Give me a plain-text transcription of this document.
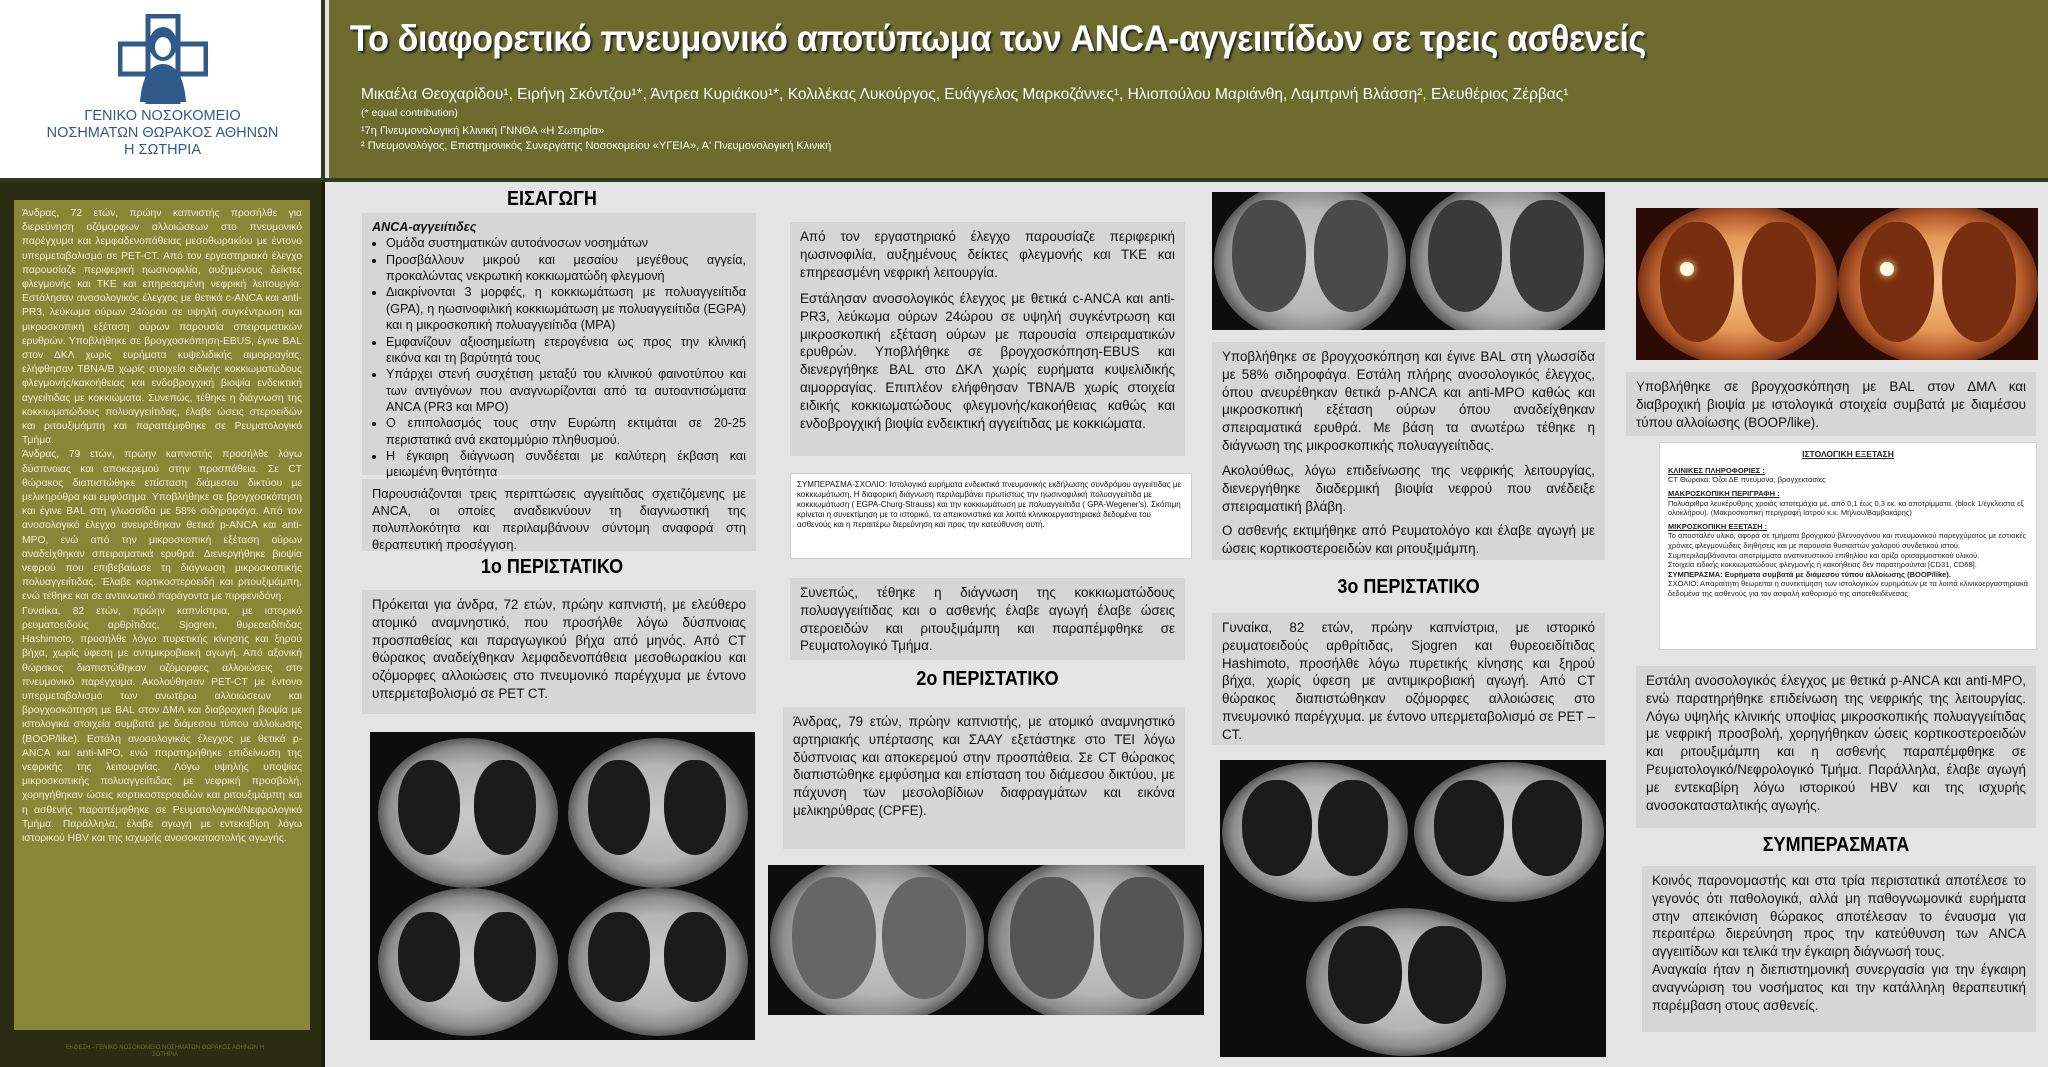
ΓΕΝΙΚΟ ΝΟΣΟΚΟΜΕΙΟ
ΝΟΣΗΜΑΤΩΝ ΘΩΡΑΚΟΣ ΑΘΗΝΩΝ
Η ΣΩΤΗΡΙΑ
Το διαφορετικό πνευμονικό αποτύπωμα των ANCA-αγγειιτίδων σε τρεις ασθενείς
Μικαέλα Θεοχαρίδου¹, Ειρήνη Σκόντζου¹*, Άντρεα Κυριάκου¹*, Κολιλέκας Λυκούργος, Ευάγγελος Μαρκοζάννες¹, Ηλιοπούλου Μαριάνθη, Λαμπρινή Βλάσση², Ελευθέριος Ζέρβας¹
(* equal contribution)
¹7η Πνευμονολογική Κλινική ΓΝΝΘΑ «Η Σωτηρία»
² Πνευμονολόγος, Επιστημονικός Συνεργάτης Νοσοκομείου «ΥΓΕΙΑ», Α' Πνευμονολογική Κλινική
Άνδρας, 72 ετών, πρώην καπνιστής προσήλθε για διερεύνηση οζόμορφων αλλοιώσεων στο πνευμονικό παρέγχυμα και λεμφαδενοπάθειας μεσοθωρακίου με έντονο υπερμεταβολισμό σε PET-CT. Από τον εργαστηριακό έλεγχο παρουσίαζε περιφερική ηωσινοφιλία, αυξημένους δείκτες φλεγμονής και ΤΚΕ και επηρεασμένη νεφρική λειτουργία. Εστάλησαν ανοσολογικός έλεγχος με θετικά c-ANCA και anti-PR3, λεύκωμα ούρων 24ώρου σε υψηλή συγκέντρωση και μικροσκοπική εξέταση ούρων παρουσία σπειραματικών ερυθρών. Υποβλήθηκε σε βρογχοσκόπηση-EBUS, έγινε BAL στον ΔΚΛ χωρίς ευρήματα κυψελιδικής αιμορραγίας, ελήφθησαν TBNA/B χωρίς στοιχεία ειδικής κοκκιωματώδους φλεγμονής/κακοήθειας και ενδοβρογχική βιοψία ενδεικτική αγγειίτιδας με κοκκιώματα. Συνεπώς, τέθηκε η διάγνωση της κοκκιωματώδους πολυαγγειίτιδας, έλαβε ώσεις στεροειδών και ριτουξιμάμπη και παραπέμφθηκε σε Ρευματολογικό Τμήμα.
Άνδρας, 79 ετών, πρώην καπνιστής προσήλθε λόγω δύσπνοιας και αποκερεμού στην προσπάθεια. Σε CT θώρακος διαπιστώθηκε επίσταση διάμεσου δικτύου με μελικηρύθρα και εμφύσημα. Υποβλήθηκε σε βρογχοσκόπηση και έγινε BAL στη γλωσσίδα με 58% σιδηροφάγα. Από τον ανοσολογικό έλεγχο ανευρέθηκαν θετικά p-ANCA και anti-MPO, ενώ από την μικροσκοπική εξέταση ούρων αναδείχθηκαν σπειραματικά ερυθρά. Διενεργήθηκε βιοψία νεφρού που επιβεβαίωσε τη διάγνωση μικροσκοπικής πολυαγγειίτιδας. Έλαβε κορτικοστεροειδή και ριτουξιμάμπη, ενώ τέθηκε και σε αντιινωτικό παράγοντα με πιρφενιδόνη.
Γυναίκα, 82 ετών, πρώην καπνίστρια, με ιστορικό ρευματοειδούς αρθρίτιδας, Sjogren, θυρεοειδίτιδας Hashimoto, προσήλθε λόγω πυρετικής κίνησης και ξηρού βήχα, χωρίς ύφεση με αντιμικροβιακή αγωγή. Από αξονική θώρακος διαπιστώθηκαν οζόμορφες αλλοιώσεις στο πνευμονικό παρέγχυμα. Ακολούθησαν PET-CT με έντονο υπερμεταβολισμό των ανωτέρω αλλοιώσεων και βρογχοσκόπηση με BAL στον ΔΜΛ και διαβροχική βιοψία με ιστολογικά στοιχεία συμβατά με διάμεσου τύπου αλλοίωσης (BOOP/like). Εστάλη ανοσολογικός έλεγχος με θετικά p-ANCA και anti-MPO, ενώ παρατηρήθηκε επιδείνωση της νεφρικής της λειτουργίας. Λόγω υψηλής υποψίας μικροσκοπικής πολυαγγειίτιδας με νεφρική προσβολή, χορηγήθηκαν ώσεις κορτικοστεροειδών και ριτουξιμάμπη και η ασθενής παραπέμφθηκε σε Ρευματολογικό/Νεφρολογικό Τμήμα. Παράλληλα, έλαβε αγωγή με εντεκαβίρη λόγω ιστορικού HBV και της ισχυρής ανοσοκαταστολής αγωγής.
ΕΚΘΕΣΗ - ΓΕΝΙΚΟ ΝΟΣΟΚΟΜΕΙΟ ΝΟΣΗΜΑΤΩΝ ΘΩΡΑΚΟΣ ΑΘΗΝΩΝ Η ΣΩΤΗΡΙΑ
ΕΙΣΑΓΩΓΗ
ANCA-αγγειίτιδες
• Ομάδα συστηματικών αυτοάνοσων νοσημάτων
• Προσβάλλουν μικρού και μεσαίου μεγέθους αγγεία, προκαλώντας νεκρωτική κοκκιωματώδη φλεγμονή
• Διακρίνονται 3 μορφές, η κοκκιωμάτωση με πολυαγγειίτιδα (GPA), η ηωσινοφιλική κοκκιωμάτωση με πολυαγγειίτιδα (EGPA) και η μικροσκοπική πολυαγγειίτιδα (MPA)
• Εμφανίζουν αξιοσημείωτη ετερογένεια ως προς την κλινική εικόνα και τη βαρύτητά τους
• Υπάρχει στενή συσχέτιση μεταξύ του κλινικού φαινοτύπου και των αντιγόνων που αναγνωρίζονται από τα αυτοαντισώματα ANCA (PR3 και MPO)
• Ο επιπολασμός τους στην Ευρώπη εκτιμάται σε 20-25 περιστατικά ανά εκατομμύριο πληθυσμού.
• Η έγκαιρη διάγνωση συνδέεται με καλύτερη έκβαση και μειωμένη θνητότητα
Παρουσιάζονται τρεις περιπτώσεις αγγειίτιδας σχετιζόμενης με ANCA, οι οποίες αναδεικνύουν τη διαγνωστική της πολυπλοκότητα και περιλαμβάνουν σύντομη αναφορά στη θεραπευτική προσέγγιση.
1ο ΠΕΡΙΣΤΑΤΙΚΟ
Πρόκειται για άνδρα, 72 ετών, πρώην καπνιστή, με ελεύθερο ατομικό αναμνηστικό, που προσήλθε λόγω δύσπνοιας προσπαθείας και παραγωγικού βήχα από μηνός. Από CT θώρακος αναδείχθηκαν λεμφαδενοπάθεια μεσοθωρακίου και οζόμορφες αλλοιώσεις στο πνευμονικό παρέγχυμα με έντονο υπερμεταβολισμό σε PET CT.
Από τον εργαστηριακό έλεγχο παρουσίαζε περιφερική ηωσινοφιλία, αυξημένους δείκτες φλεγμονής και ΤΚΕ και επηρεασμένη νεφρική λειτουργία.
Εστάλησαν ανοσολογικός έλεγχος με θετικά c-ANCA και anti-PR3, λεύκωμα ούρων 24ώρου σε υψηλή συγκέντρωση και μικροσκοπική εξέταση ούρων με παρουσία σπειραματικών ερυθρών. Υποβλήθηκε σε βρογχοσκόπηση-EBUS και διενεργήθηκε BAL στο ΔΚΛ χωρίς ευρήματα κυψελιδικής αιμορραγίας. Επιπλέον ελήφθησαν TBNA/B χωρίς στοιχεία ειδικής κοκκιωματώδους φλεγμονής/κακοήθειας καθώς και ενδοβρογχική βιοψία ενδεικτική αγγειίτιδας με κοκκιώματα.
ΣΥΜΠΕΡΑΣΜΑ-ΣΧΟΛΙΟ: Ιστολογικά ευρήματα ενδεικτικά πνευμονικής εκδήλωσης συνδρόμου αγγειίτιδας με κοκκιωμάτωση. Η διαφορική διάγνωση περιλαμβάνει πρωτίστως την ηωσινοφιλική πολυαγγειίτιδα με κοκκιωμάτωση ( EGPA-Churg-Strauss) και την κοκκιωμάτωση με πολυαγγειίτιδα ( GPA-Wegener's). Σκόπιμη κρίνεται η συνεκτίμηση με το ιστορικό, τα απεικονιστικά και λοιπά κλινικοεργαστηριακά δεδομένα του ασθενούς και η περαιτέρω διερεύνηση και προς την κατεύθυνση αυτή.
Συνεπώς, τέθηκε η διάγνωση της κοκκιωματώδους πολυαγγειίτιδας και ο ασθενής έλαβε αγωγή έλαβε ώσεις στεροειδών και ριτουξιμάμπη και παραπέμφθηκε σε Ρευματολογικό Τμήμα.
2ο ΠΕΡΙΣΤΑΤΙΚΟ
Άνδρας, 79 ετών, πρώην καπνιστής, με ατομικό αναμνηστικό αρτηριακής υπέρτασης και ΣΑΑΥ εξετάστηκε στο ΤΕΙ λόγω δύσπνοιας και αποκερεμού στην προσπάθεια. Σε CT θώρακος διαπιστώθηκε εμφύσημα και επίσταση του διάμεσου δικτύου, με πάχυνση των μεσολοβίδιων διαφραγμάτων και εικόνα μελικηρύθρας (CPFE).
Υποβλήθηκε σε βρογχοσκόπηση και έγινε BAL στη γλωσσίδα με 58% σιδηροφάγα. Εστάλη πλήρης ανοσολογικός έλεγχος, όπου ανευρέθηκαν θετικά p-ANCA και anti-MPO καθώς και μικροσκοπική εξέταση ούρων όπου αναδείχθηκαν σπειραματικά ερυθρά. Με βάση τα ανωτέρω τέθηκε η διάγνωση της μικροσκοπικής πολυαγγειίτιδας.
Ακολούθως, λόγω επιδείνωσης της νεφρικής λειτουργίας, διενεργήθηκε διαδερμική βιοψία νεφρού που ανέδειξε σπειραματική βλάβη.
Ο ασθενής εκτιμήθηκε από Ρευματολόγο και έλαβε αγωγή με ώσεις κορτικοστεροειδών και ριτουξιμάμπη.
3ο ΠΕΡΙΣΤΑΤΙΚΟ
Γυναίκα, 82 ετών, πρώην καπνίστρια, με ιστορικό ρευματοειδούς αρθρίτιδας, Sjogren και θυρεοειδίτιδας Hashimoto, προσήλθε λόγω πυρετικής κίνησης και ξηρού βήχα, χωρίς ύφεση με αντιμικροβιακή αγωγή. Από CT θώρακος διαπιστώθηκαν οζόμορφες αλλοιώσεις στο πνευμονικό παρέγχυμα. με έντονο υπερμεταβολισμό σε PET – CT.
Υποβλήθηκε σε βρογχοσκόπηση με BAL στον ΔΜΛ και διαβροχική βιοψία με ιστολογικά στοιχεία συμβατά με διαμέσου τύπου αλλοίωσης (BOOP/like).
ΙΣΤΟΛΟΓΙΚΗ ΕΞΕΤΑΣΗ
ΚΛΙΝΙΚΕΣ ΠΛΗΡΟΦΟΡΙΕΣ :
CT Θώρακα: Όζοι ΔΕ πνεύμονα, βρογχεκτασίες
ΜΑΚΡΟΣΚΟΠΙΚΗ ΠΕΡΙΓΡΑΦΗ :
Πολυάριθμα λευκέρυθρης χροιάς ιστοτεμάχια μέ. από 0,1 έως 0,3 εκ. κα αποτρίμματα. (block 1/έγκλειστα εξ ολοκλήρου). (Μακροσκοπική περιγραφή Ιατρού κ.κ. Μήλιου/Βαμβακάρης)
ΜΙΚΡΟΣΚΟΠΙΚΗ ΕΞΕΤΑΣΗ :
Το αποσταλέν υλικό, αφορά σε τμήματα βρογχικού βλεννογόνου και πνευμονικού παρεγχύματος με εστιακές χρόνιες φλεγμονώδεις διηθήσεις και με παρουσία θυσιαστών χαλαρού συνδετικού ιστού. Συμπεριλαμβάνονται αποτρίμματα ανατινευστικού επιθηλίου και ορίζα ορισαρμοστικού υλικού.
Στοιχεία ειδικής κοκκιωματώδους φλεγμονής ή κακοήθειας δεν παρατηρούνται [CD31, CD68].
ΣΥΜΠΕΡΑΣΜΑ: Ευρήματα συμβατά με διάμεσου τύπου αλλοίωσης (BOOP/like).
ΣΧΟΛΙΟ: Απαραίτητη θεωρείται η συνεκτίμηση των ιστολογικών ευρημάτων με τα λοιπά κλινικοεργαστηριακά δεδομένα της ασθενούς για τον ασφαλή καθορισμό της αποτεθειδένεσας.
Εστάλη ανοσολογικός έλεγχος με θετικά p-ANCA και anti-MPO, ενώ παρατηρήθηκε επιδείνωση της νεφρικής της λειτουργίας. Λόγω υψηλής κλινικής υποψίας μικροσκοπικής πολυαγγειίτιδας με νεφρική προσβολή, χορηγήθηκαν ώσεις κορτικοστεροειδών και ριτουξιμάμπη και η ασθενής παραπέμφθηκε σε Ρευματολογικό/Νεφρολογικό Τμήμα. Παράλληλα, έλαβε αγωγή με εντεκαβίρη λόγω ιστορικού HBV και της ισχυρής ανοσοκατασταλτικής αγωγής.
ΣΥΜΠΕΡΑΣΜΑΤΑ
Κοινός παρονομαστής και στα τρία περιστατικά αποτέλεσε το γεγονός ότι παθολογικά, αλλά μη παθογνωμονικά ευρήματα στην απεικόνιση θώρακος αποτέλεσαν το έναυσμα για περαιτέρω διερεύνηση προς την κατεύθυνση των ANCA αγγειιτίδων και τελικά την έγκαιρη διάγνωσή τους.
Αναγκαία ήταν η διεπιστημονική συνεργασία για την έγκαιρη αναγνώριση του νοσήματος και την κατάλληλη θεραπευτική παρέμβαση στους ασθενείς.
